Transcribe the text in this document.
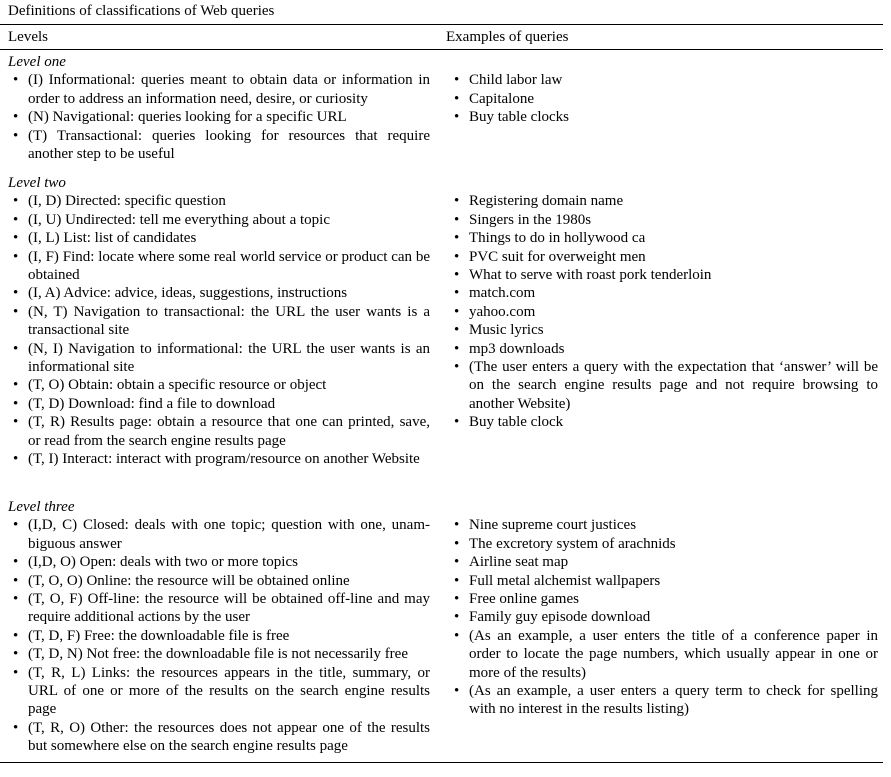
Definitions of classifications of Web queries
Levels	Examples of queries
Level one
• (I) Informational: queries meant to obtain data or information in order to address an information need, desire, or curiosity
• (N) Navigational: queries looking for a specific URL
• (T) Transactional: queries looking for resources that require another step to be useful
• Child labor law
• Capitalone
• Buy table clocks
Level two
• (I, D) Directed: specific question
• (I, U) Undirected: tell me everything about a topic
• (I, L) List: list of candidates
• (I, F) Find: locate where some real world service or product can be obtained
• (I, A) Advice: advice, ideas, suggestions, instructions
• (N, T) Navigation to transactional: the URL the user wants is a transactional site
• (N, I) Navigation to informational: the URL the user wants is an informational site
• (T, O) Obtain: obtain a specific resource or object
• (T, D) Download: find a file to download
• (T, R) Results page: obtain a resource that one can printed, save, or read from the search engine results page
• (T, I) Interact: interact with program/resource on another Website
• Registering domain name
• Singers in the 1980s
• Things to do in hollywood ca
• PVC suit for overweight men
• What to serve with roast pork tenderloin
• match.com
• yahoo.com
• Music lyrics
• mp3 downloads
• (The user enters a query with the expectation that ‘answer’ will be on the search engine results page and not require browsing to another Website)
• Buy table clock
Level three
• (I,D, C) Closed: deals with one topic; question with one, unam-biguous answer
• (I,D, O) Open: deals with two or more topics
• (T, O, O) Online: the resource will be obtained online
• (T, O, F) Off-line: the resource will be obtained off-line and may require additional actions by the user
• (T, D, F) Free: the downloadable file is free
• (T, D, N) Not free: the downloadable file is not necessarily free
• (T, R, L) Links: the resources appears in the title, summary, or URL of one or more of the results on the search engine results page
• (T, R, O) Other: the resources does not appear one of the results but somewhere else on the search engine results page
• Nine supreme court justices
• The excretory system of arachnids
• Airline seat map
• Full metal alchemist wallpapers
• Free online games
• Family guy episode download
• (As an example, a user enters the title of a conference paper in order to locate the page numbers, which usually appear in one or more of the results)
• (As an example, a user enters a query term to check for spelling with no interest in the results listing)
